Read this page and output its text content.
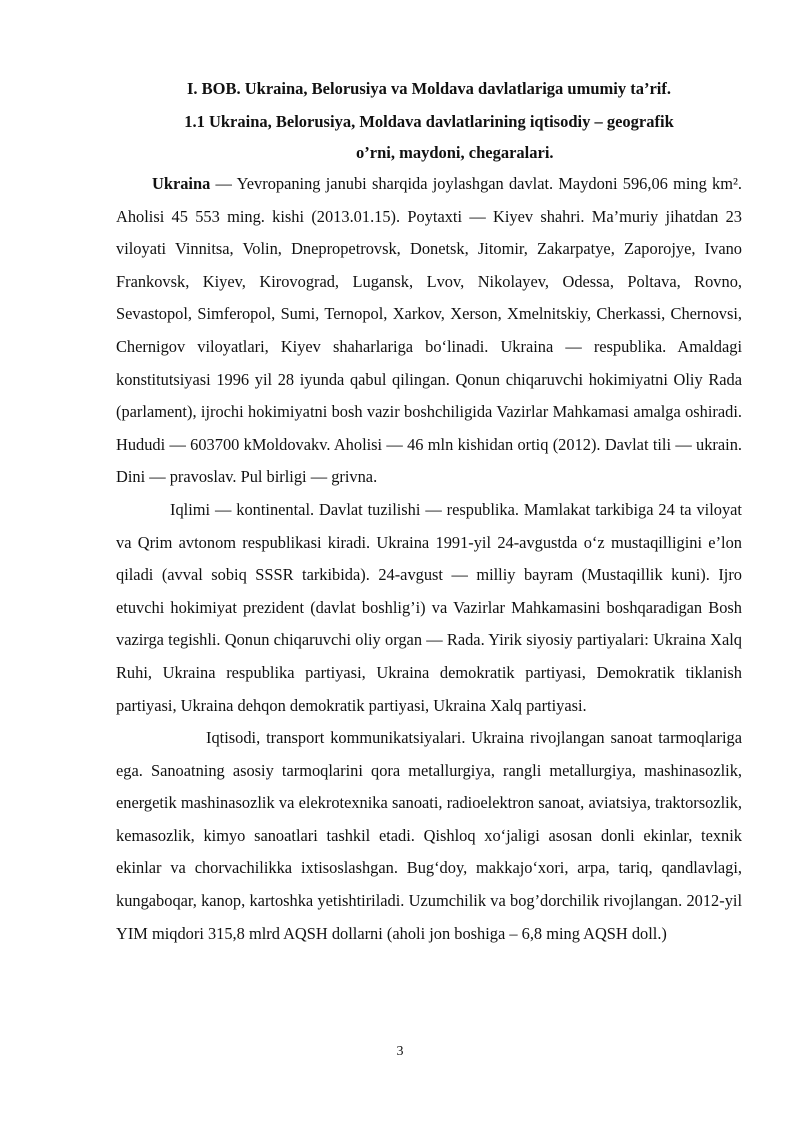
I. BOB. Ukraina, Belorusiya va Moldava davlatlariga umumiy ta’rif.
1.1 Ukraina, Belorusiya, Moldava davlatlarining iqtisodiy – geografik
o’rni, maydoni, chegaralari.

Ukraina — Yevropaning janubi sharqida joylashgan davlat. Maydoni 596,06 ming km². Aholisi 45 553 ming. kishi (2013.01.15). Poytaxti — Kiyev shahri. Ma’muriy jihatdan 23 viloyati Vinnitsa, Volin, Dnepropetrovsk, Donetsk, Jitomir, Zakarpatye, Zaporojye, Ivano Frankovsk, Kiyev, Kirovograd, Lugansk, Lvov, Nikolayev, Odessa, Poltava, Rovno, Sevastopol, Simferopol, Sumi, Ternopol, Xarkov, Xerson, Xmelnitskiy, Cherkassi, Chernovsi, Chernigov viloyatlari, Kiyev shaharlariga bo‘linadi. Ukraina — respublika. Amaldagi konstitutsiyasi 1996 yil 28 iyunda qabul qilingan. Qonun chiqaruvchi hokimiyatni Oliy Rada (parlament), ijrochi hokimiyatni bosh vazir boshchiligida Vazirlar Mahkamasi amalga oshiradi. Hududi — 603700 kMoldovakv. Aholisi — 46 mln kishidan ortiq (2012). Davlat tili — ukrain. Dini — pravoslav. Pul birligi — grivna.

Iqlimi — kontinental. Davlat tuzilishi — respublika. Mamlakat tarkibiga 24 ta viloyat va Qrim avtonom respublikasi kiradi. Ukraina 1991-yil 24-avgustda o‘z mustaqilligini e’lon qiladi (avval sobiq SSSR tarkibida). 24-avgust — milliy bayram (Mustaqillik kuni). Ijro etuvchi hokimiyat prezident (davlat boshlig’i) va Vazirlar Mahkamasini boshqaradigan Bosh vazirga tegishli. Qonun chiqaruvchi oliy organ — Rada. Yirik siyosiy partiyalari: Ukraina Xalq Ruhi, Ukraina respublika partiyasi, Ukraina demokratik partiyasi, Demokratik tiklanish partiyasi, Ukraina dehqon demokratik partiyasi, Ukraina Xalq partiyasi.

Iqtisodi, transport kommunikatsiyalari. Ukraina rivojlangan sanoat tarmoqlariga ega. Sanoatning asosiy tarmoqlarini qora metallurgiya, rangli metallurgiya, mashinasozlik, energetik mashinasozlik va elekrotexnika sanoati, radioelektron sanoat, aviatsiya, traktorsozlik, kemasozlik, kimyo sanoatlari tashkil etadi. Qishloq xo‘jaligi asosan donli ekinlar, texnik ekinlar va chorvachilikka ixtisoslashgan. Bug‘doy, makkajo‘xori, arpa, tariq, qandlavlagi, kungaboqar, kanop, kartoshka yetishtiriladi. Uzumchilik va bog’dorchilik rivojlangan. 2012-yil YIM miqdori 315,8 mlrd AQSH dollarni (aholi jon boshiga – 6,8 ming AQSH doll.)

3
